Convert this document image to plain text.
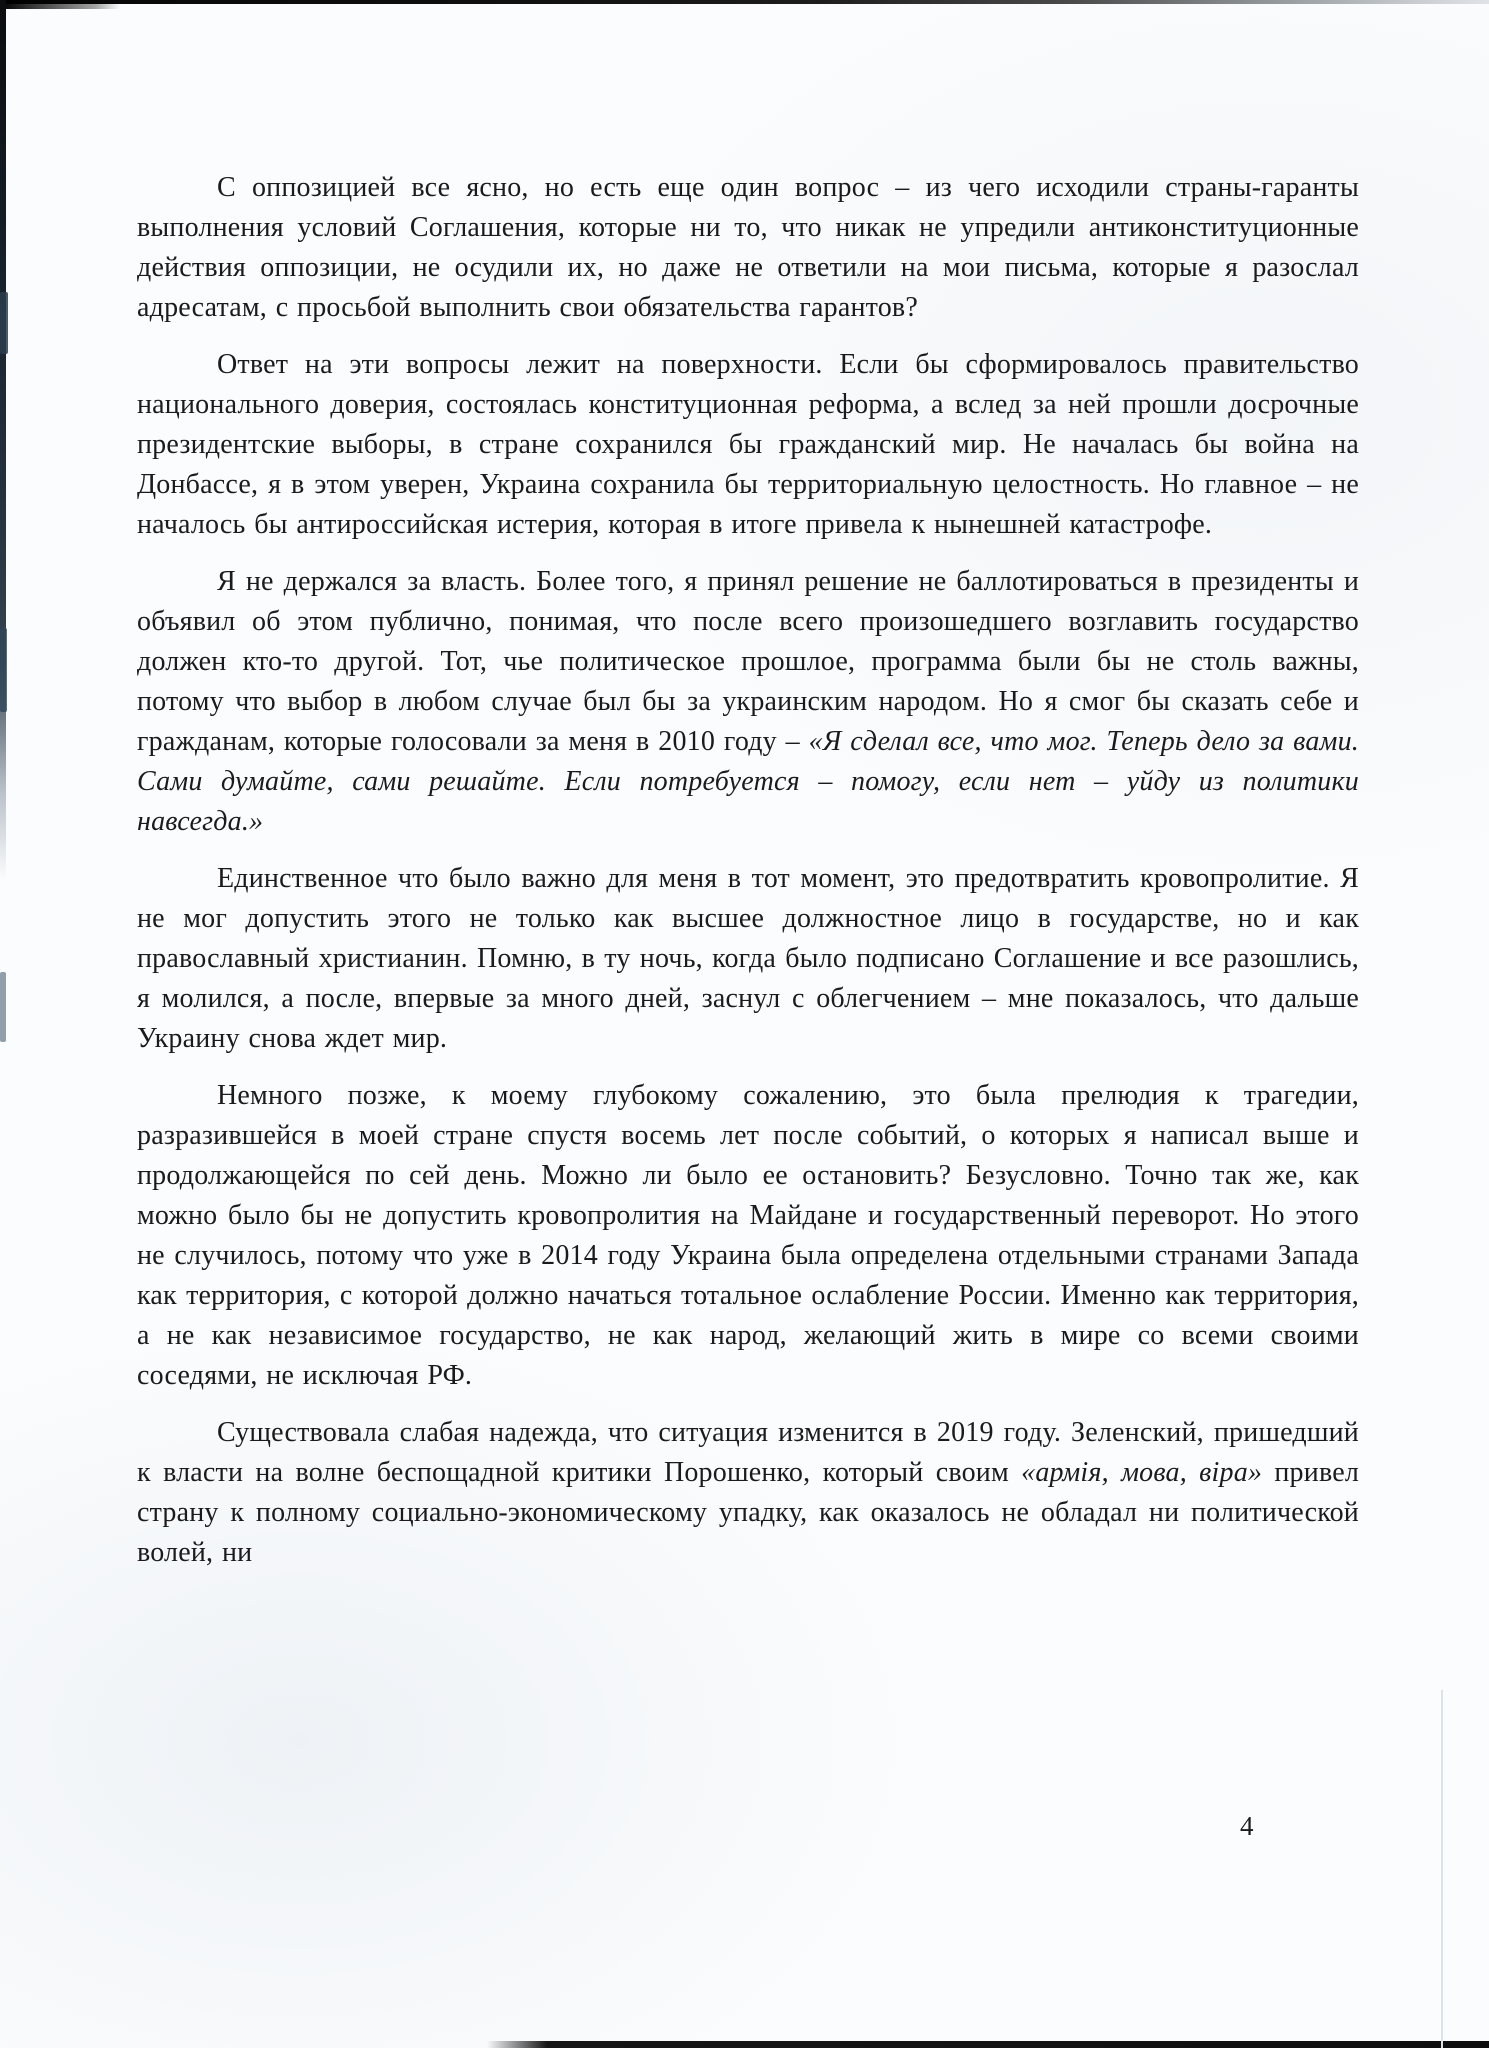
С оппозицией все ясно, но есть еще один вопрос – из чего исходили страны-гаранты выполнения условий Соглашения, которые ни то, что никак не упредили антиконституционные действия оппозиции, не осудили их, но даже не ответили на мои письма, которые я разослал адресатам, с просьбой выполнить свои обязательства гарантов?

Ответ на эти вопросы лежит на поверхности. Если бы сформировалось правительство национального доверия, состоялась конституционная реформа, а вслед за ней прошли досрочные президентские выборы, в стране сохранился бы гражданский мир. Не началась бы война на Донбассе, я в этом уверен, Украина сохранила бы территориальную целостность. Но главное – не началось бы антироссийская истерия, которая в итоге привела к нынешней катастрофе.

Я не держался за власть. Более того, я принял решение не баллотироваться в президенты и объявил об этом публично, понимая, что после всего произошедшего возглавить государство должен кто-то другой. Тот, чье политическое прошлое, программа были бы не столь важны, потому что выбор в любом случае был бы за украинским народом. Но я смог бы сказать себе и гражданам, которые голосовали за меня в 2010 году – «Я сделал все, что мог. Теперь дело за вами. Сами думайте, сами решайте. Если потребуется – помогу, если нет – уйду из политики навсегда.»

Единственное что было важно для меня в тот момент, это предотвратить кровопролитие. Я не мог допустить этого не только как высшее должностное лицо в государстве, но и как православный христианин. Помню, в ту ночь, когда было подписано Соглашение и все разошлись, я молился, а после, впервые за много дней, заснул с облегчением – мне показалось, что дальше Украину снова ждет мир.

Немного позже, к моему глубокому сожалению, это была прелюдия к трагедии, разразившейся в моей стране спустя восемь лет после событий, о которых я написал выше и продолжающейся по сей день. Можно ли было ее остановить? Безусловно. Точно так же, как можно было бы не допустить кровопролития на Майдане и государственный переворот. Но этого не случилось, потому что уже в 2014 году Украина была определена отдельными странами Запада как территория, с которой должно начаться тотальное ослабление России. Именно как территория, а не как независимое государство, не как народ, желающий жить в мире со всеми своими соседями, не исключая РФ.

Существовала слабая надежда, что ситуация изменится в 2019 году. Зеленский, пришедший к власти на волне беспощадной критики Порошенко, который своим «армія, мова, віра» привел страну к полному социально-экономическому упадку, как оказалось не обладал ни политической волей, ни

4
